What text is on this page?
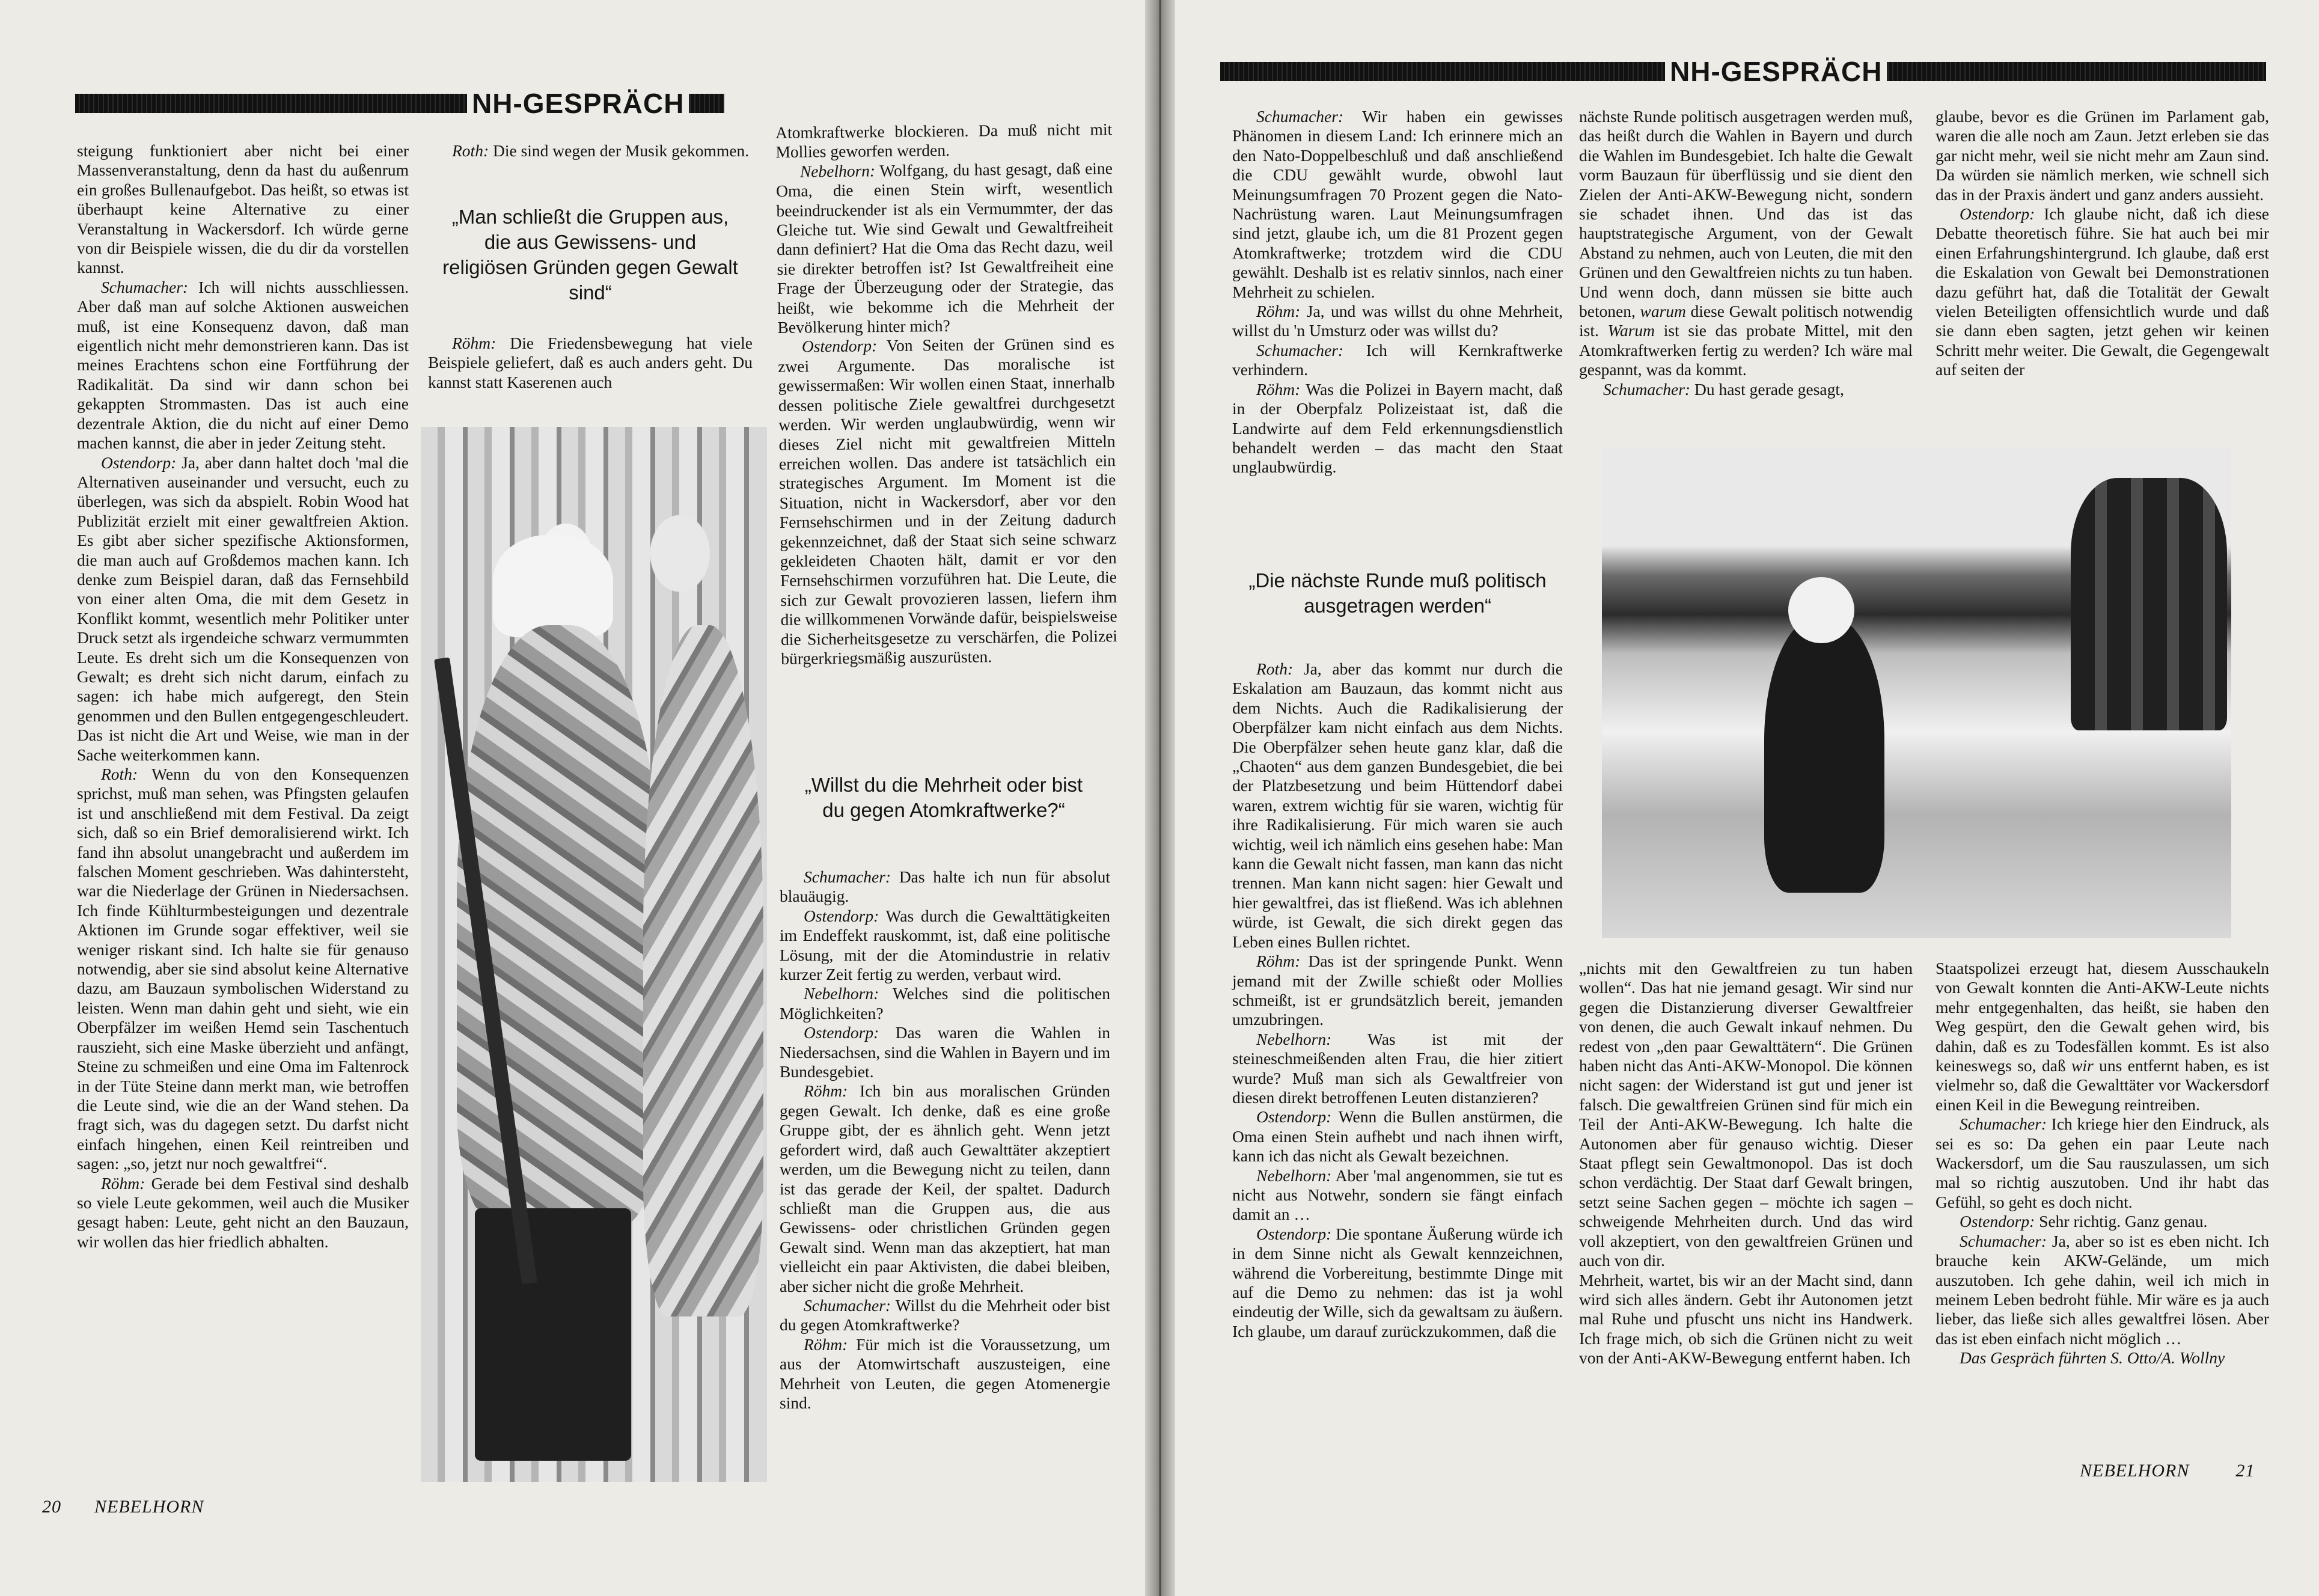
NH-GESPRÄCH

steigung funktioniert aber nicht bei einer Massenveranstaltung, denn da hast du außenrum ein großes Bullenaufgebot. Das heißt, so etwas ist überhaupt keine Alternative zu einer Veranstaltung in Wackersdorf. Ich würde gerne von dir Beispiele wissen, die du dir da vorstellen kannst.

Schumacher: Ich will nichts ausschliessen. Aber daß man auf solche Aktionen ausweichen muß, ist eine Konsequenz davon, daß man eigentlich nicht mehr demonstrieren kann. Das ist meines Erachtens schon eine Fortführung der Radikalität. Da sind wir dann schon bei gekappten Strommasten. Das ist auch eine dezentrale Aktion, die du nicht auf einer Demo machen kannst, die aber in jeder Zeitung steht.

Ostendorp: Ja, aber dann haltet doch 'mal die Alternativen auseinander und versucht, euch zu überlegen, was sich da abspielt. Robin Wood hat Publizität erzielt mit einer gewaltfreien Aktion. Es gibt aber sicher spezifische Aktionsformen, die man auch auf Großdemos machen kann. Ich denke zum Beispiel daran, daß das Fernsehbild von einer alten Oma, die mit dem Gesetz in Konflikt kommt, wesentlich mehr Politiker unter Druck setzt als irgendeiche schwarz vermummten Leute. Es dreht sich um die Konsequenzen von Gewalt; es dreht sich nicht darum, einfach zu sagen: ich habe mich aufgeregt, den Stein genommen und den Bullen entgegengeschleudert. Das ist nicht die Art und Weise, wie man in der Sache weiterkommen kann.

Roth: Wenn du von den Konsequenzen sprichst, muß man sehen, was Pfingsten gelaufen ist und anschließend mit dem Festival. Da zeigt sich, daß so ein Brief demoralisierend wirkt. Ich fand ihn absolut unangebracht und außerdem im falschen Moment geschrieben. Was dahintersteht, war die Niederlage der Grünen in Niedersachsen. Ich finde Kühlturmbesteigungen und dezentrale Aktionen im Grunde sogar effektiver, weil sie weniger riskant sind. Ich halte sie für genauso notwendig, aber sie sind absolut keine Alternative dazu, am Bauzaun symbolischen Widerstand zu leisten. Wenn man dahin geht und sieht, wie ein Oberpfälzer im weißen Hemd sein Taschentuch rauszieht, sich eine Maske überzieht und anfängt, Steine zu schmeißen und eine Oma im Faltenrock in der Tüte Steine dann merkt man, wie betroffen die Leute sind, wie die an der Wand stehen. Da fragt sich, was du dagegen setzt. Du darfst nicht einfach hingehen, einen Keil reintreiben und sagen: „so, jetzt nur noch gewaltfrei“.

Röhm: Gerade bei dem Festival sind deshalb so viele Leute gekommen, weil auch die Musiker gesagt haben: Leute, geht nicht an den Bauzaun, wir wollen das hier friedlich abhalten.

Roth: Die sind wegen der Musik gekommen.

„Man schließt die Gruppen aus, die aus Gewissens- und religiösen Gründen gegen Gewalt sind“

Röhm: Die Friedensbewegung hat viele Beispiele geliefert, daß es auch anders geht. Du kannst statt Kaserenen auch

Atomkraftwerke blockieren. Da muß nicht mit Mollies geworfen werden.

Nebelhorn: Wolfgang, du hast gesagt, daß eine Oma, die einen Stein wirft, wesentlich beeindruckender ist als ein Vermummter, der das Gleiche tut. Wie sind Gewalt und Gewaltfreiheit dann definiert? Hat die Oma das Recht dazu, weil sie direkter betroffen ist? Ist Gewaltfreiheit eine Frage der Überzeugung oder der Strategie, das heißt, wie bekomme ich die Mehrheit der Bevölkerung hinter mich?

Ostendorp: Von Seiten der Grünen sind es zwei Argumente. Das moralische ist gewissermaßen: Wir wollen einen Staat, innerhalb dessen politische Ziele gewaltfrei durchgesetzt werden. Wir werden unglaubwürdig, wenn wir dieses Ziel nicht mit gewaltfreien Mitteln erreichen wollen. Das andere ist tatsächlich ein strategisches Argument. Im Moment ist die Situation, nicht in Wackersdorf, aber vor den Fernsehschirmen und in der Zeitung dadurch gekennzeichnet, daß der Staat sich seine schwarz gekleideten Chaoten hält, damit er vor den Fernsehschirmen vorzuführen hat. Die Leute, die sich zur Gewalt provozieren lassen, liefern ihm die willkommenen Vorwände dafür, beispielsweise die Sicherheitsgesetze zu verschärfen, die Polizei bürgerkriegsmäßig auszurüsten.

„Willst du die Mehrheit oder bist du gegen Atomkraftwerke?“

Schumacher: Das halte ich nun für absolut blauäugig.

Ostendorp: Was durch die Gewalttätigkeiten im Endeffekt rauskommt, ist, daß eine politische Lösung, mit der die Atomindustrie in relativ kurzer Zeit fertig zu werden, verbaut wird.

Nebelhorn: Welches sind die politischen Möglichkeiten?

Ostendorp: Das waren die Wahlen in Niedersachsen, sind die Wahlen in Bayern und im Bundesgebiet.

Röhm: Ich bin aus moralischen Gründen gegen Gewalt. Ich denke, daß es eine große Gruppe gibt, der es ähnlich geht. Wenn jetzt gefordert wird, daß auch Gewalttäter akzeptiert werden, um die Bewegung nicht zu teilen, dann ist das gerade der Keil, der spaltet. Dadurch schließt man die Gruppen aus, die aus Gewissens- oder christlichen Gründen gegen Gewalt sind. Wenn man das akzeptiert, hat man vielleicht ein paar Aktivisten, die dabei bleiben, aber sicher nicht die große Mehrheit.

Schumacher: Willst du die Mehrheit oder bist du gegen Atomkraftwerke?

Röhm: Für mich ist die Voraussetzung, um aus der Atomwirtschaft auszusteigen, eine Mehrheit von Leuten, die gegen Atomenergie sind.

20 NEBELHORN
NH-GESPRÄCH

Schumacher: Wir haben ein gewisses Phänomen in diesem Land: Ich erinnere mich an den Nato-Doppelbeschluß und daß anschließend die CDU gewählt wurde, obwohl laut Meinungsumfragen 70 Prozent gegen die Nato-Nachrüstung waren. Laut Meinungsumfragen sind jetzt, glaube ich, um die 81 Prozent gegen Atomkraftwerke; trotzdem wird die CDU gewählt. Deshalb ist es relativ sinnlos, nach einer Mehrheit zu schielen.

Röhm: Ja, und was willst du ohne Mehrheit, willst du 'n Umsturz oder was willst du?

Schumacher: Ich will Kernkraftwerke verhindern.

Röhm: Was die Polizei in Bayern macht, daß in der Oberpfalz Polizeistaat ist, daß die Landwirte auf dem Feld erkennungsdienstlich behandelt werden – das macht den Staat unglaubwürdig.

„Die nächste Runde muß politisch ausgetragen werden“

Roth: Ja, aber das kommt nur durch die Eskalation am Bauzaun, das kommt nicht aus dem Nichts. Auch die Radikalisierung der Oberpfälzer kam nicht einfach aus dem Nichts. Die Oberpfälzer sehen heute ganz klar, daß die „Chaoten“ aus dem ganzen Bundesgebiet, die bei der Platzbesetzung und beim Hüttendorf dabei waren, extrem wichtig für sie waren, wichtig für ihre Radikalisierung. Für mich waren sie auch wichtig, weil ich nämlich eins gesehen habe: Man kann die Gewalt nicht fassen, man kann das nicht trennen. Man kann nicht sagen: hier Gewalt und hier gewaltfrei, das ist fließend. Was ich ablehnen würde, ist Gewalt, die sich direkt gegen das Leben eines Bullen richtet.

Röhm: Das ist der springende Punkt. Wenn jemand mit der Zwille schießt oder Mollies schmeißt, ist er grundsätzlich bereit, jemanden umzubringen.

Nebelhorn: Was ist mit der steineschmeißenden alten Frau, die hier zitiert wurde? Muß man sich als Gewaltfreier von diesen direkt betroffenen Leuten distanzieren?

Ostendorp: Wenn die Bullen anstürmen, die Oma einen Stein aufhebt und nach ihnen wirft, kann ich das nicht als Gewalt bezeichnen.

Nebelhorn: Aber 'mal angenommen, sie tut es nicht aus Notwehr, sondern sie fängt einfach damit an …

Ostendorp: Die spontane Äußerung würde ich in dem Sinne nicht als Gewalt kennzeichnen, während die Vorbereitung, bestimmte Dinge mit auf die Demo zu nehmen: das ist ja wohl eindeutig der Wille, sich da gewaltsam zu äußern. Ich glaube, um darauf zurückzukommen, daß die

nächste Runde politisch ausgetragen werden muß, das heißt durch die Wahlen in Bayern und durch die Wahlen im Bundesgebiet. Ich halte die Gewalt vorm Bauzaun für überflüssig und sie dient den Zielen der Anti-AKW-Bewegung nicht, sondern sie schadet ihnen. Und das ist das hauptstrategische Argument, von der Gewalt Abstand zu nehmen, auch von Leuten, die mit den Grünen und den Gewaltfreien nichts zu tun haben. Und wenn doch, dann müssen sie bitte auch betonen, warum diese Gewalt politisch notwendig ist. Warum ist sie das probate Mittel, mit den Atomkraftwerken fertig zu werden? Ich wäre mal gespannt, was da kommt.

Schumacher: Du hast gerade gesagt,

glaube, bevor es die Grünen im Parlament gab, waren die alle noch am Zaun. Jetzt erleben sie das gar nicht mehr, weil sie nicht mehr am Zaun sind. Da würden sie nämlich merken, wie schnell sich das in der Praxis ändert und ganz anders aussieht.

Ostendorp: Ich glaube nicht, daß ich diese Debatte theoretisch führe. Sie hat auch bei mir einen Erfahrungshintergrund. Ich glaube, daß erst die Eskalation von Gewalt bei Demonstrationen dazu geführt hat, daß die Totalität der Gewalt vielen Beteiligten offensichtlich wurde und daß sie dann eben sagten, jetzt gehen wir keinen Schritt mehr weiter. Die Gewalt, die Gegengewalt auf seiten der

„nichts mit den Gewaltfreien zu tun haben wollen“. Das hat nie jemand gesagt. Wir sind nur gegen die Distanzierung diverser Gewaltfreier von denen, die auch Gewalt inkauf nehmen. Du redest von „den paar Gewalttätern“. Die Grünen haben nicht das Anti-AKW-Monopol. Die können nicht sagen: der Widerstand ist gut und jener ist falsch. Die gewaltfreien Grünen sind für mich ein Teil der Anti-AKW-Bewegung. Ich halte die Autonomen aber für genauso wichtig. Dieser Staat pflegt sein Gewaltmonopol. Das ist doch schon verdächtig. Der Staat darf Gewalt bringen, setzt seine Sachen gegen – möchte ich sagen – schweigende Mehrheiten durch. Und das wird voll akzeptiert, von den gewaltfreien Grünen und auch von dir.

Mehrheit, wartet, bis wir an der Macht sind, dann wird sich alles ändern. Gebt ihr Autonomen jetzt mal Ruhe und pfuscht uns nicht ins Handwerk. Ich frage mich, ob sich die Grünen nicht zu weit von der Anti-AKW-Bewegung entfernt haben. Ich

Staatspolizei erzeugt hat, diesem Ausschaukeln von Gewalt konnten die Anti-AKW-Leute nichts mehr entgegenhalten, das heißt, sie haben den Weg gespürt, den die Gewalt gehen wird, bis dahin, daß es zu Todesfällen kommt. Es ist also keineswegs so, daß wir uns entfernt haben, es ist vielmehr so, daß die Gewalttäter vor Wackersdorf einen Keil in die Bewegung reintreiben.

Schumacher: Ich kriege hier den Eindruck, als sei es so: Da gehen ein paar Leute nach Wackersdorf, um die Sau rauszulassen, um sich mal so richtig auszutoben. Und ihr habt das Gefühl, so geht es doch nicht.

Ostendorp: Sehr richtig. Ganz genau.

Schumacher: Ja, aber so ist es eben nicht. Ich brauche kein AKW-Gelände, um mich auszutoben. Ich gehe dahin, weil ich mich in meinem Leben bedroht fühle. Mir wäre es ja auch lieber, das ließe sich alles gewaltfrei lösen. Aber das ist eben einfach nicht möglich …

Das Gespräch führten S. Otto/A. Wollny

NEBELHORN	21
